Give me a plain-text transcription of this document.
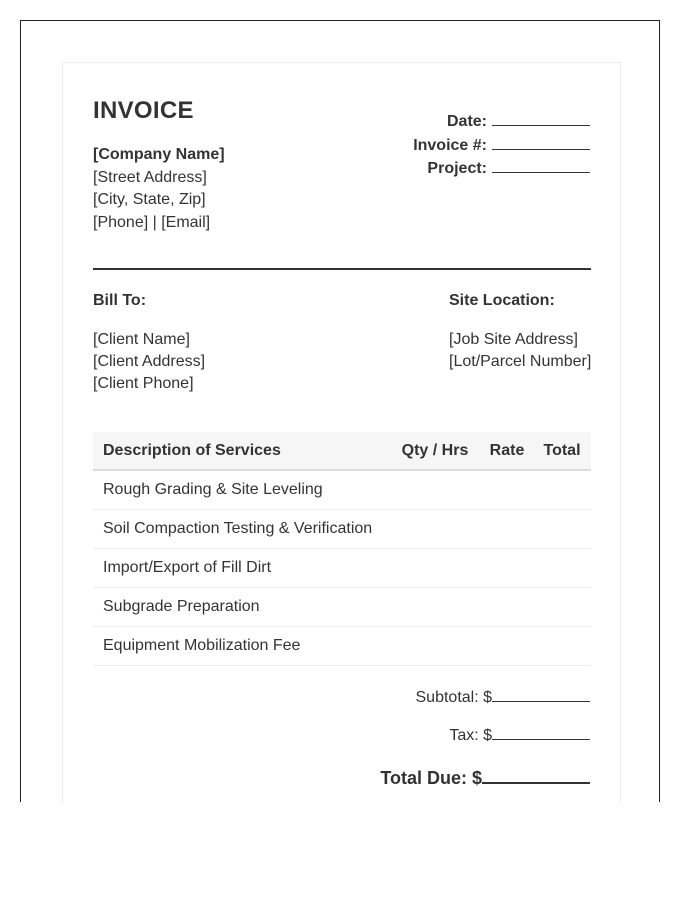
INVOICE
[Company Name]
[Street Address]
[City, State, Zip]
[Phone] | [Email]
Date:
Invoice #:
Project:
Bill To:
[Client Name]
[Client Address]
[Client Phone]
Site Location:
[Job Site Address]
[Lot/Parcel Number]
Description of Services	Qty / Hrs	Rate	Total
Rough Grading & Site Leveling			
Soil Compaction Testing & Verification			
Import/Export of Fill Dirt			
Subgrade Preparation			
Equipment Mobilization Fee			
Subtotal: $
Tax: $
Total Due: $
